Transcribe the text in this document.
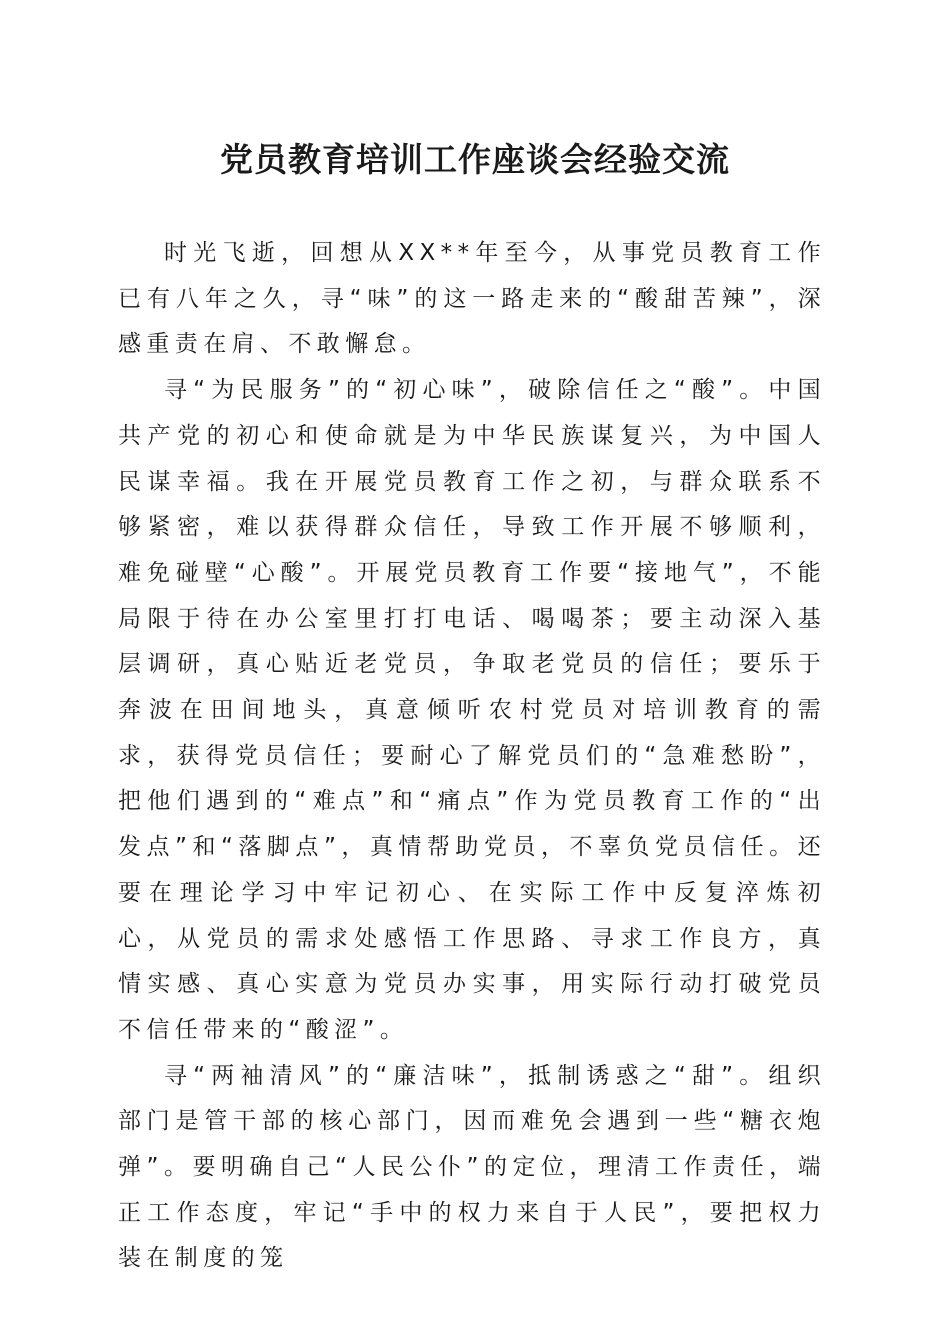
党员教育培训工作座谈会经验交流

时光飞逝，回想从XX**年至今，从事党员教育工作已有八年之久，寻“味”的这一路走来的“酸甜苦辣”，深感重责在肩、不敢懈怠。

寻“为民服务”的“初心味”，破除信任之“酸”。中国共产党的初心和使命就是为中华民族谋复兴，为中国人民谋幸福。我在开展党员教育工作之初，与群众联系不够紧密，难以获得群众信任，导致工作开展不够顺利，难免碰壁“心酸”。开展党员教育工作要“接地气”，不能局限于待在办公室里打打电话、喝喝茶；要主动深入基层调研，真心贴近老党员，争取老党员的信任；要乐于奔波在田间地头，真意倾听农村党员对培训教育的需求，获得党员信任；要耐心了解党员们的“急难愁盼”，把他们遇到的“难点”和“痛点”作为党员教育工作的“出发点”和“落脚点”，真情帮助党员，不辜负党员信任。还要在理论学习中牢记初心、在实际工作中反复淬炼初心，从党员的需求处感悟工作思路、寻求工作良方，真情实感、真心实意为党员办实事，用实际行动打破党员不信任带来的“酸涩”。

寻“两袖清风”的“廉洁味”，抵制诱惑之“甜”。组织部门是管干部的核心部门，因而难免会遇到一些“糖衣炮弹”。要明确自己“人民公仆”的定位，理清工作责任，端正工作态度，牢记“手中的权力来自于人民”，要把权力装在制度的笼
